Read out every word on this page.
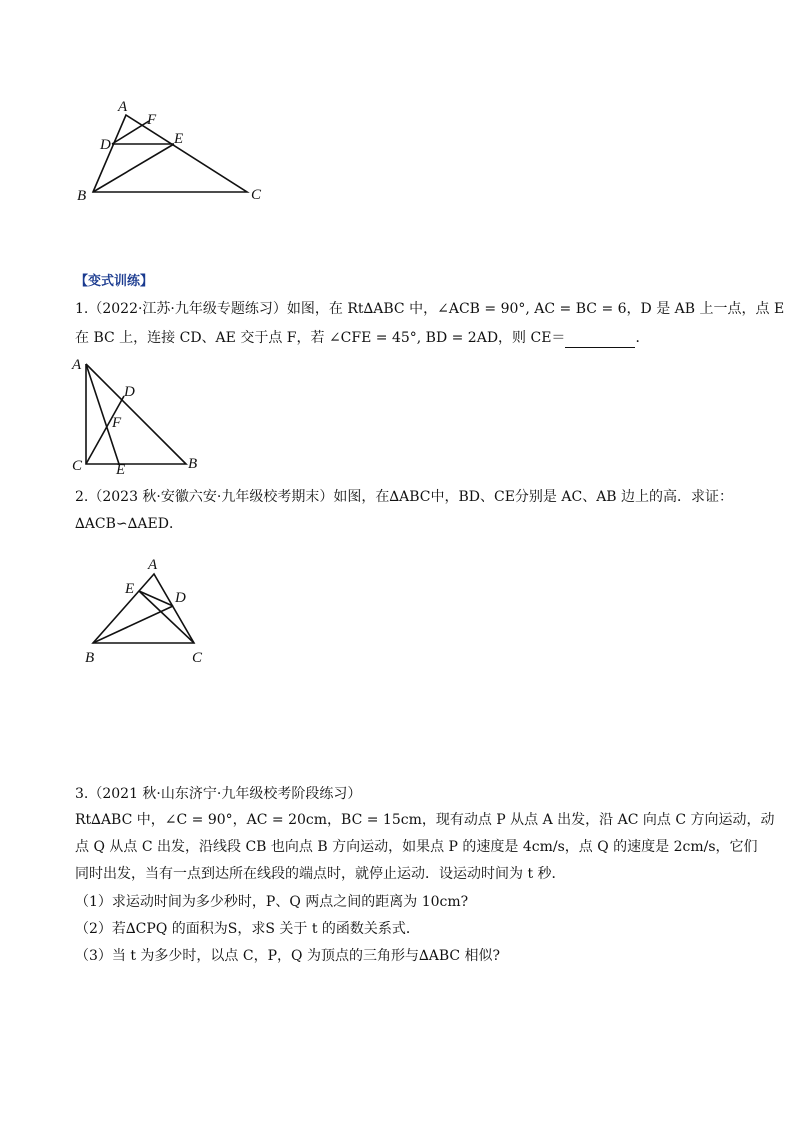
A
F
D	E
B	C
【变式训练】
1.（2022·江苏·九年级专题练习）如图，在 Rt∆ABC 中，∠ACB = 90°, AC = BC = 6，D 是 AB 上一点，点 E
在 BC 上，连接 CD、AE 交于点 F，若 ∠CFE = 45°, BD = 2AD，则 CE＝	．
A
D
F
C E	B
2.（2023 秋·安徽六安·九年级校考期末）如图，在∆ABC中，BD、CE分别是 AC、AB 边上的高．求证：
∆ACB∽∆AED．
A
E
D
B	C
3.（2021 秋·山东济宁·九年级校考阶段练习）
Rt∆ABC 中，∠C = 90°，AC = 20cm，BC = 15cm，现有动点 P 从点 A 出发，沿 AC 向点 C 方向运动，动
点 Q 从点 C 出发，沿线段 CB 也向点 B 方向运动，如果点 P 的速度是 4cm/s，点 Q 的速度是 2cm/s，它们
同时出发，当有一点到达所在线段的端点时，就停止运动．设运动时间为 t 秒．
（1）求运动时间为多少秒时，P、Q 两点之间的距离为 10cm?
（2）若∆CPQ 的面积为S，求S 关于 t 的函数关系式．
（3）当 t 为多少时，以点 C，P，Q 为顶点的三角形与∆ABC 相似?
